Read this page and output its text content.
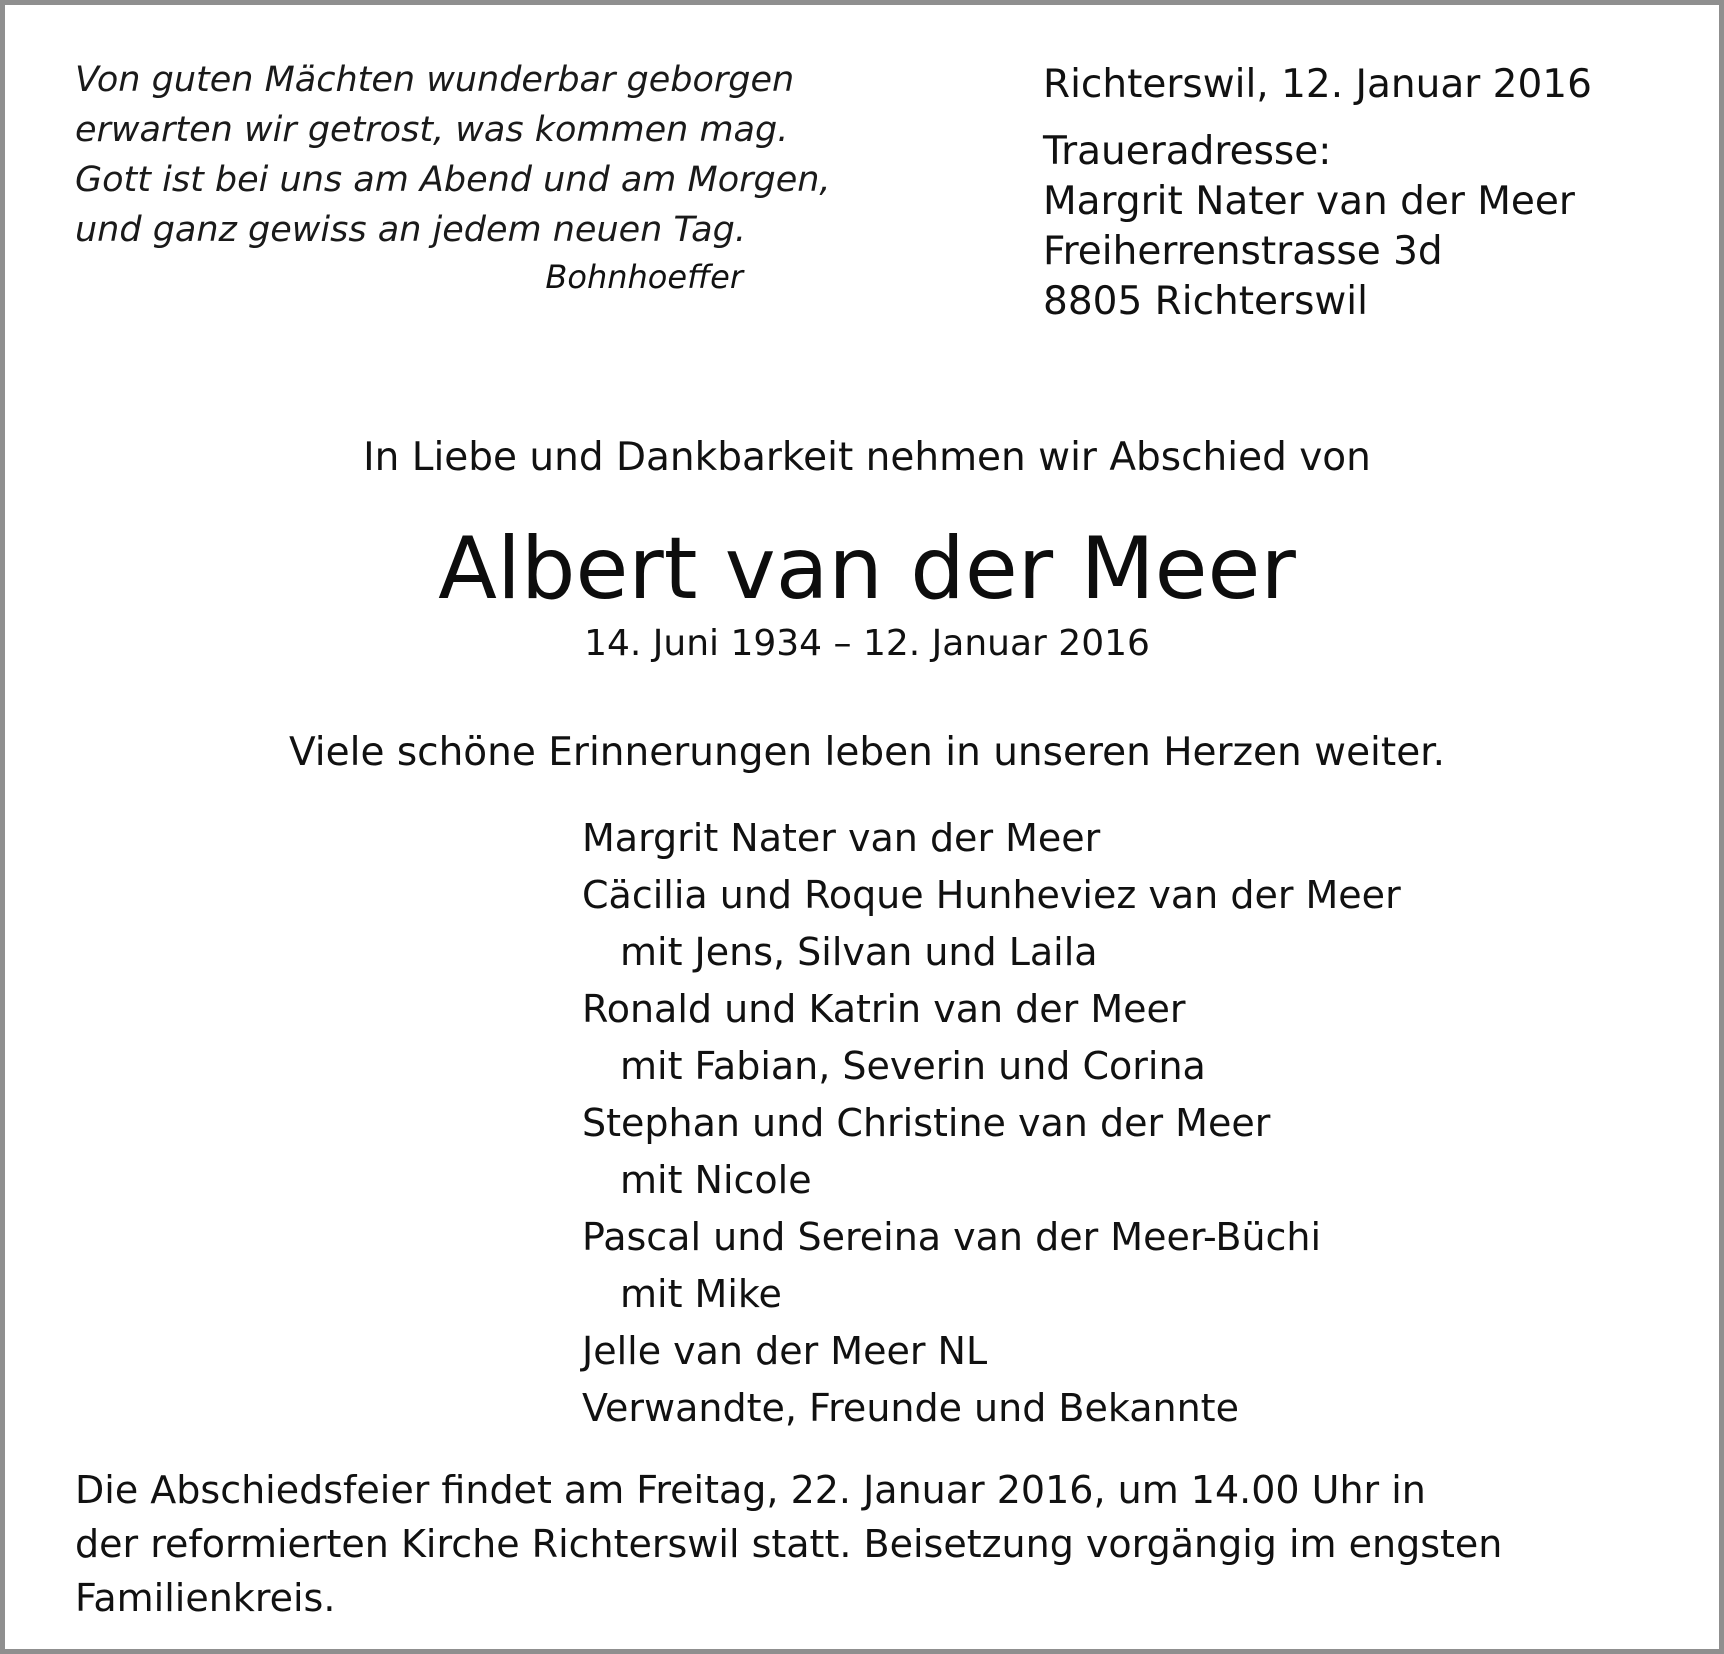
Von guten Mächten wunderbar geborgen
erwarten wir getrost, was kommen mag.
Gott ist bei uns am Abend und am Morgen,
und ganz gewiss an jedem neuen Tag.
Bohnhoeffer
Richterswil, 12. Januar 2016
Traueradresse:
Margrit Nater van der Meer
Freiherrenstrasse 3d
8805 Richterswil
In Liebe und Dankbarkeit nehmen wir Abschied von
Albert van der Meer
14. Juni 1934 – 12. Januar 2016
Viele schöne Erinnerungen leben in unseren Herzen weiter.
Margrit Nater van der Meer
Cäcilia und Roque Hunheviez van der Meer
mit Jens, Silvan und Laila
Ronald und Katrin van der Meer
mit Fabian, Severin und Corina
Stephan und Christine van der Meer
mit Nicole
Pascal und Sereina van der Meer-Büchi
mit Mike
Jelle van der Meer NL
Verwandte, Freunde und Bekannte
Die Abschiedsfeier findet am Freitag, 22. Januar 2016, um 14.00 Uhr in
der reformierten Kirche Richterswil statt. Beisetzung vorgängig im engsten
Familienkreis.
